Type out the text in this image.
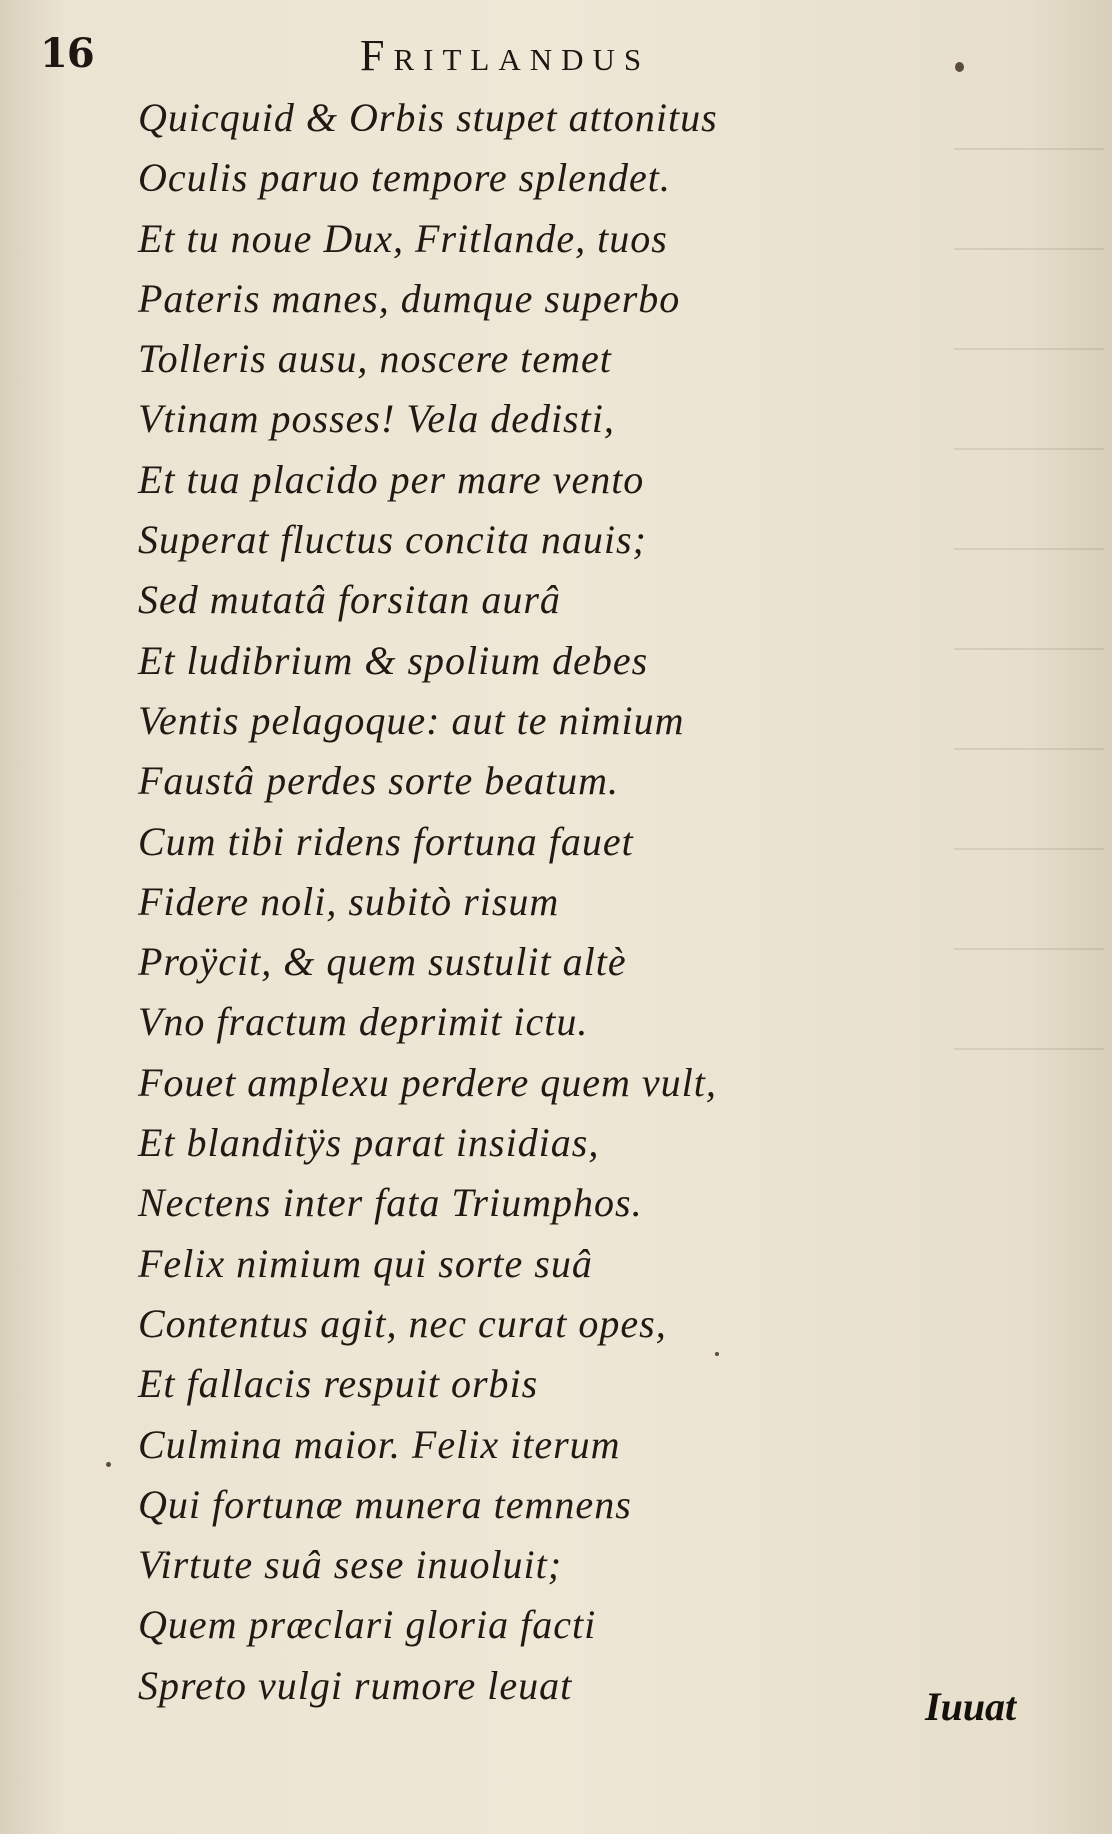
16	Fritlandus
Quicquid & Orbis stupet attonitus
Oculis paruo tempore splendet.
Et tu noue Dux, Fritlande, tuos
Pateris manes, dumque superbo
Tolleris ausu, noscere temet
Vtinam posses! Vela dedisti,
Et tua placido per mare vento
Superat fluctus concita nauis;
Sed mutatâ forsitan aurâ
Et ludibrium & spolium debes
Ventis pelagoque: aut te nimium
Faustâ perdes sorte beatum.
Cum tibi ridens fortuna fauet
Fidere noli, subitò risum
Proÿcit, & quem sustulit altè
Vno fractum deprimit ictu.
Fouet amplexu perdere quem vult,
Et blanditÿs parat insidias,
Nectens inter fata Triumphos.
Felix nimium qui sorte suâ
Contentus agit, nec curat opes,
Et fallacis respuit orbis
Culmina maior. Felix iterum
Qui fortunæ munera temnens
Virtute suâ sese inuoluit;
Quem præclari gloria facti
Spreto vulgi rumore leuat	Iuuat
